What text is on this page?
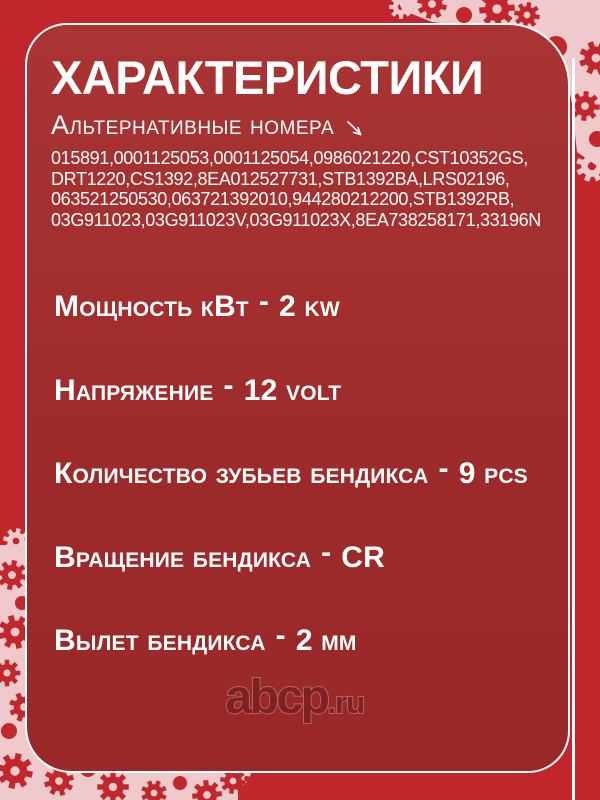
ХАРАКТЕРИСТИКИ
Альтернативные номера
015891,0001125053,0001125054,0986021220,CST10352GS,
DRT1220,CS1392,8EA012527731,STB1392BA,LRS02196,
063521250530,063721392010,944280212200,STB1392RB,
03G911023,03G911023V,03G911023X,8EA738258171,33196N
Мощность кВт - 2 kw
Напряжение - 12 volt
Количество зубьев бендикса - 9 pcs
Вращение бендикса - CR
Вылет бендикса - 2 мм
abcp.ru
